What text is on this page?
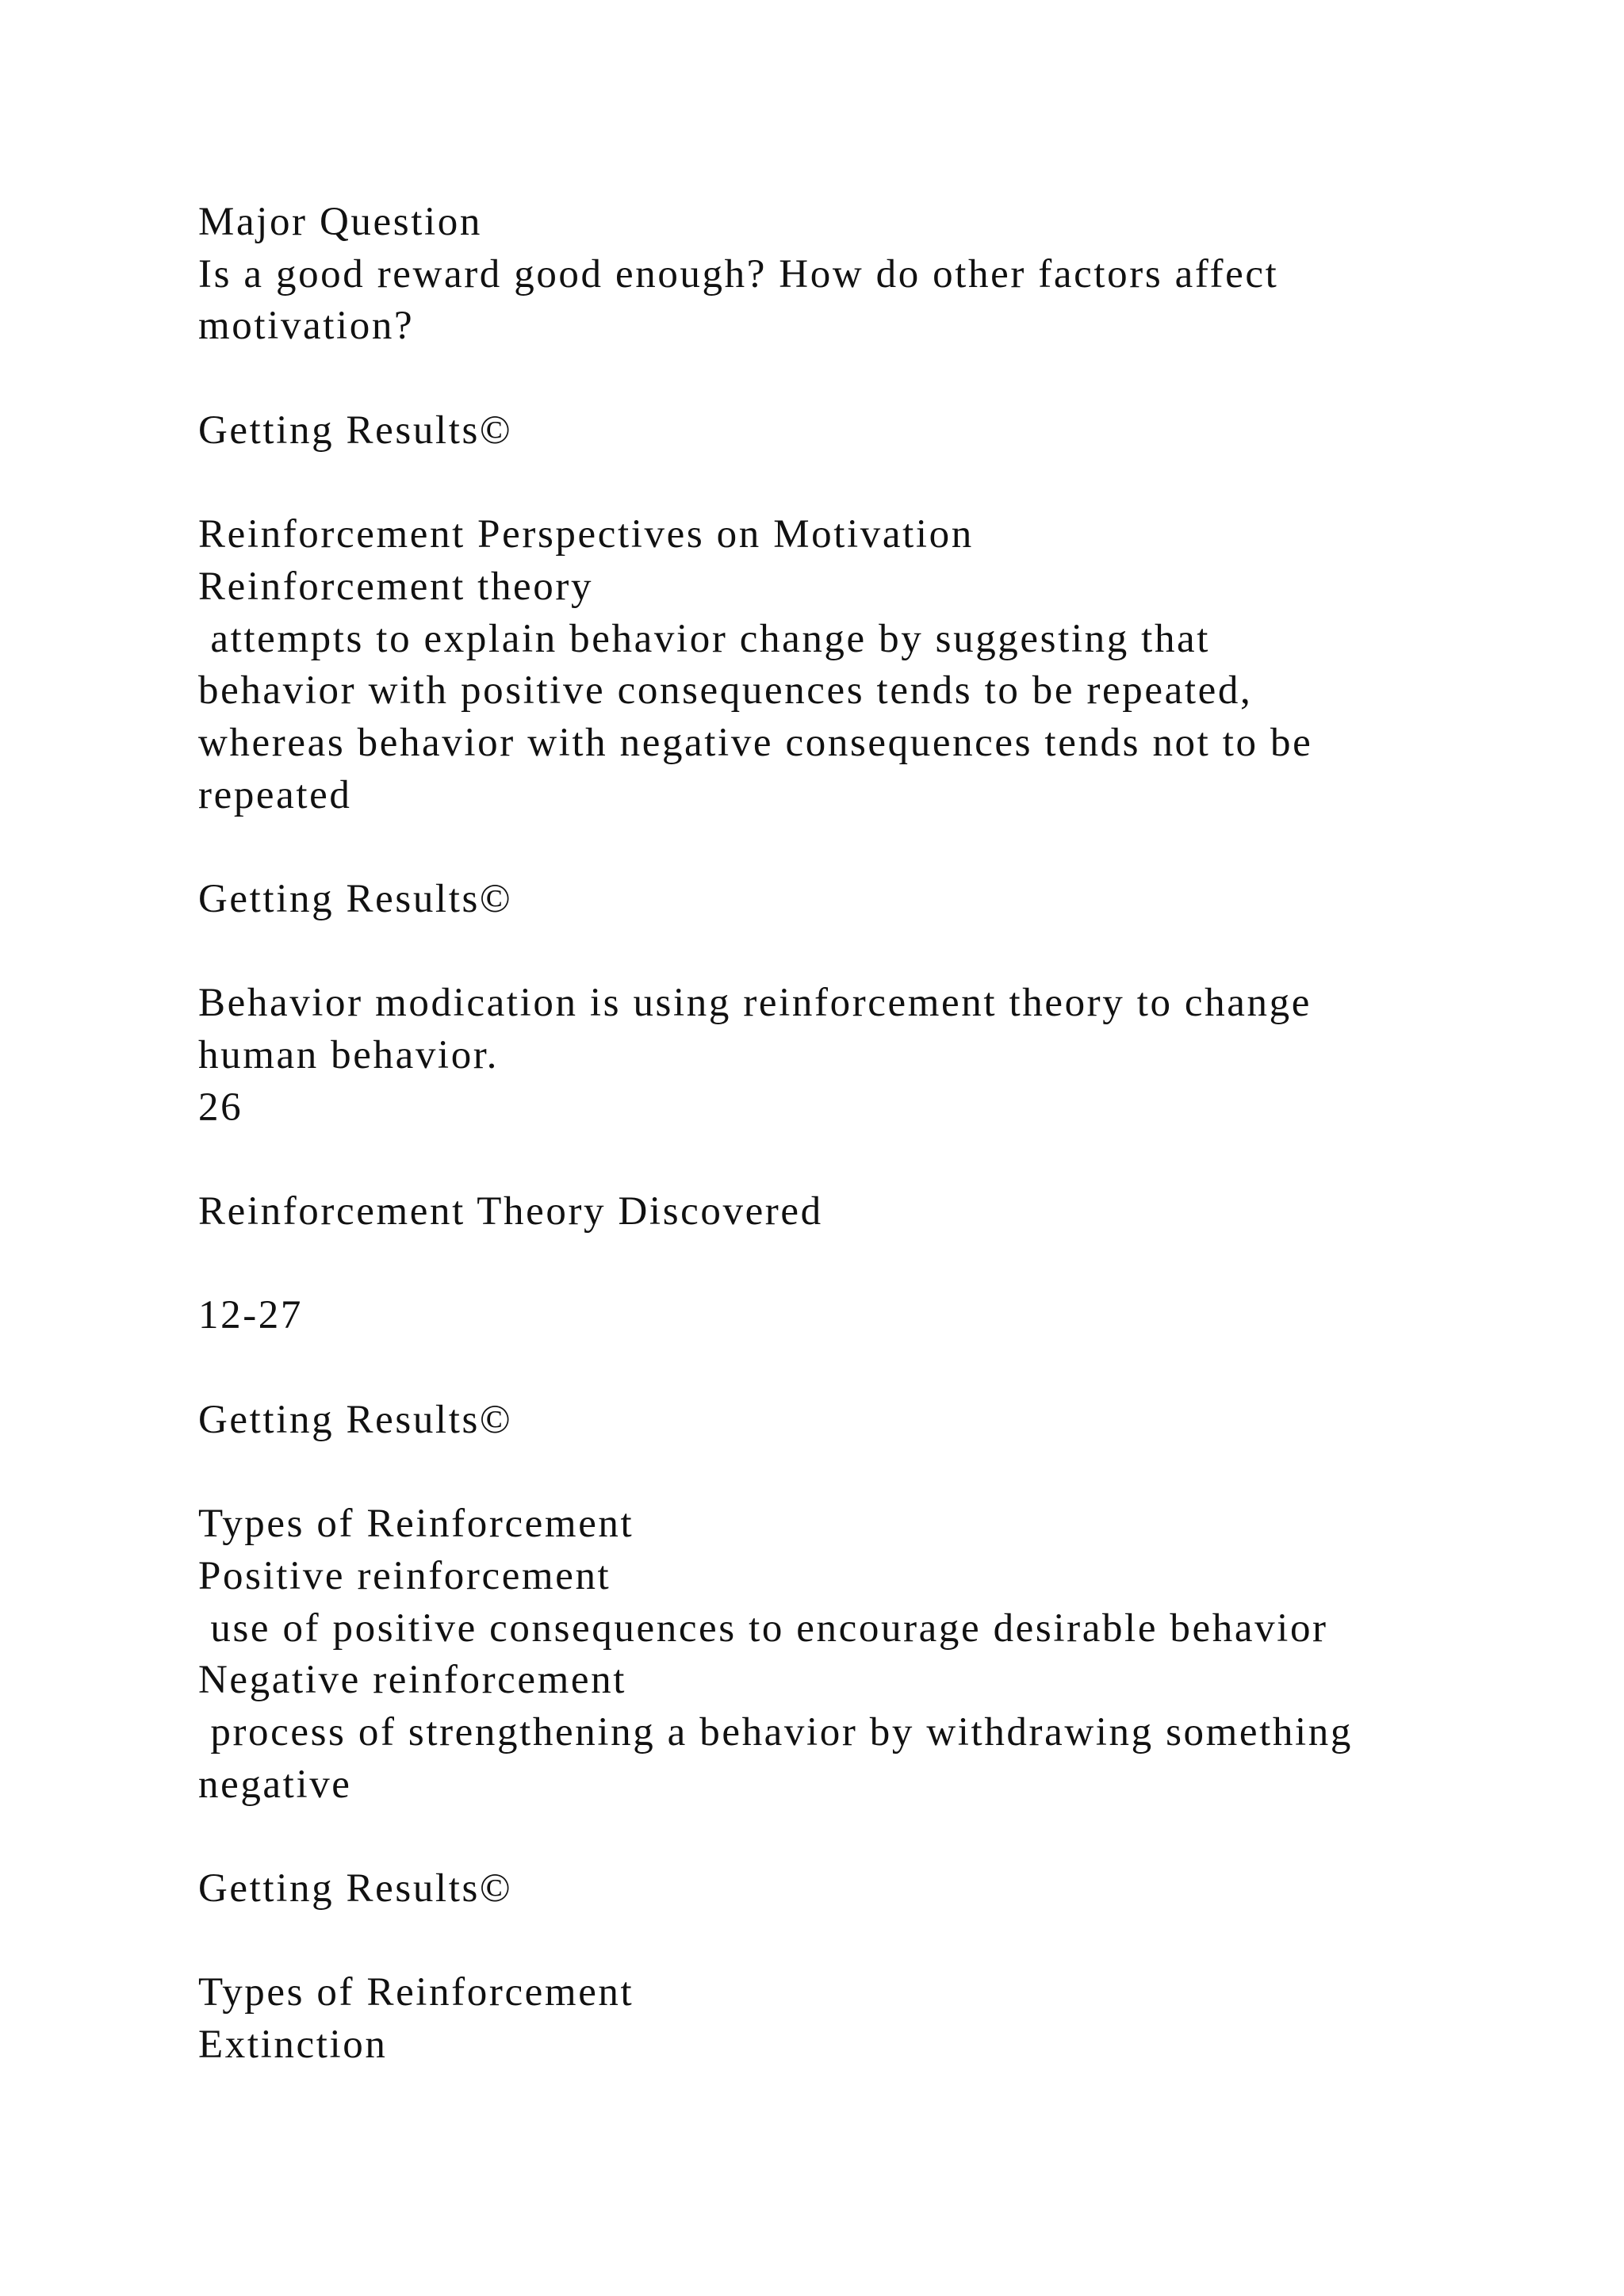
Major Question
Is a good reward good enough? How do other factors affect
motivation?
Getting Results©
Reinforcement Perspectives on Motivation
Reinforcement theory
attempts to explain behavior change by suggesting that
behavior with positive consequences tends to be repeated,
whereas behavior with negative consequences tends not to be
repeated
Getting Results©
Behavior modication is using reinforcement theory to change
human behavior.
26
Reinforcement Theory Discovered
12-27
Getting Results©
Types of Reinforcement
Positive reinforcement
use of positive consequences to encourage desirable behavior
Negative reinforcement
process of strengthening a behavior by withdrawing something
negative
Getting Results©
Types of Reinforcement
Extinction
